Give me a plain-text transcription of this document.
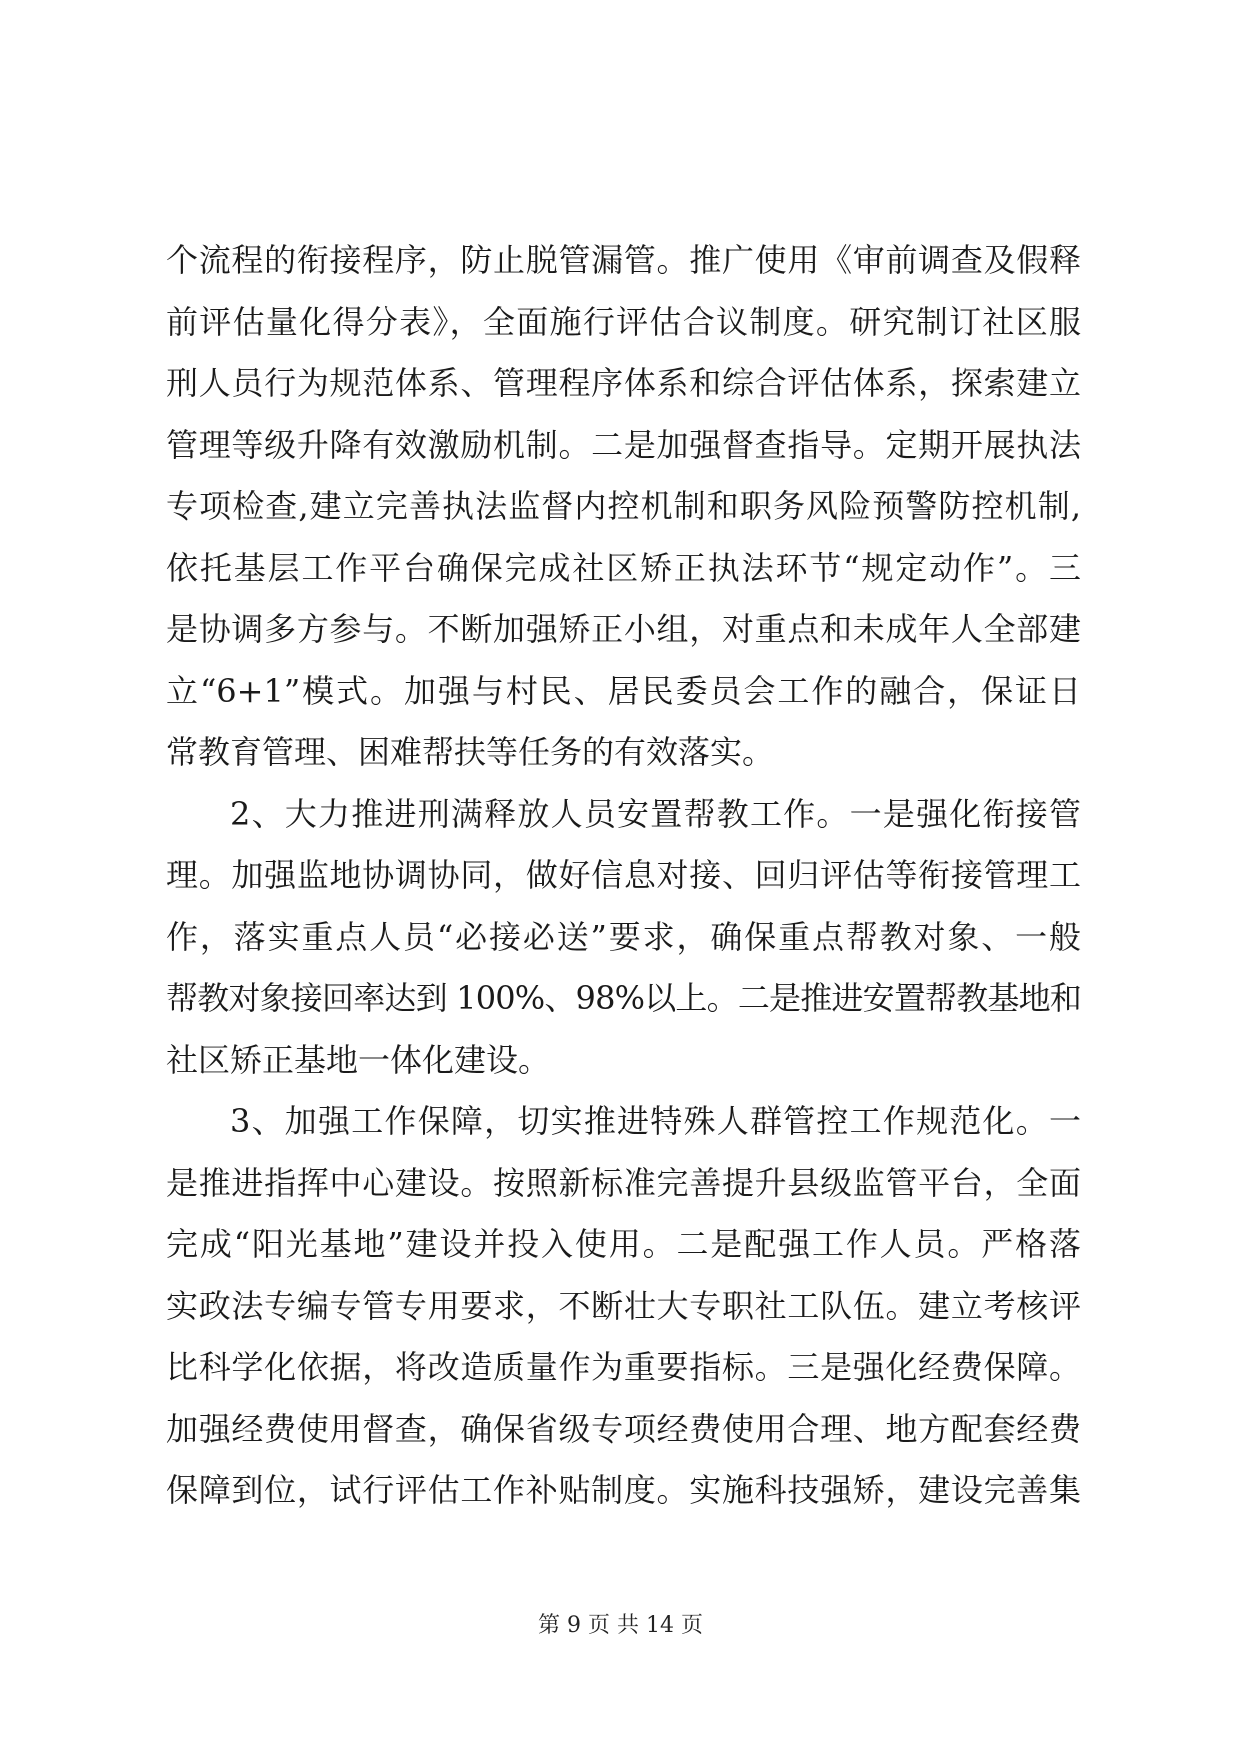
个流程的衔接程序，防止脱管漏管。推广使用《审前调查及假释
前评估量化得分表》，全面施行评估合议制度。研究制订社区服
刑人员行为规范体系、管理程序体系和综合评估体系，探索建立
管理等级升降有效激励机制。二是加强督查指导。定期开展执法
专项检查,建立完善执法监督内控机制和职务风险预警防控机制,
依托基层工作平台确保完成社区矫正执法环节“规定动作”。三
是协调多方参与。不断加强矫正小组，对重点和未成年人全部建
立“6+1”模式。加强与村民、居民委员会工作的融合，保证日
常教育管理、困难帮扶等任务的有效落实。
2、大力推进刑满释放人员安置帮教工作。一是强化衔接管
理。加强监地协调协同，做好信息对接、回归评估等衔接管理工
作，落实重点人员“必接必送”要求，确保重点帮教对象、一般
帮教对象接回率达到 100%、98%以上。二是推进安置帮教基地和
社区矫正基地一体化建设。
3、加强工作保障，切实推进特殊人群管控工作规范化。一
是推进指挥中心建设。按照新标准完善提升县级监管平台，全面
完成“阳光基地”建设并投入使用。二是配强工作人员。严格落
实政法专编专管专用要求，不断壮大专职社工队伍。建立考核评
比科学化依据，将改造质量作为重要指标。三是强化经费保障。
加强经费使用督查，确保省级专项经费使用合理、地方配套经费
保障到位，试行评估工作补贴制度。实施科技强矫，建设完善集
第 9 页 共 14 页
